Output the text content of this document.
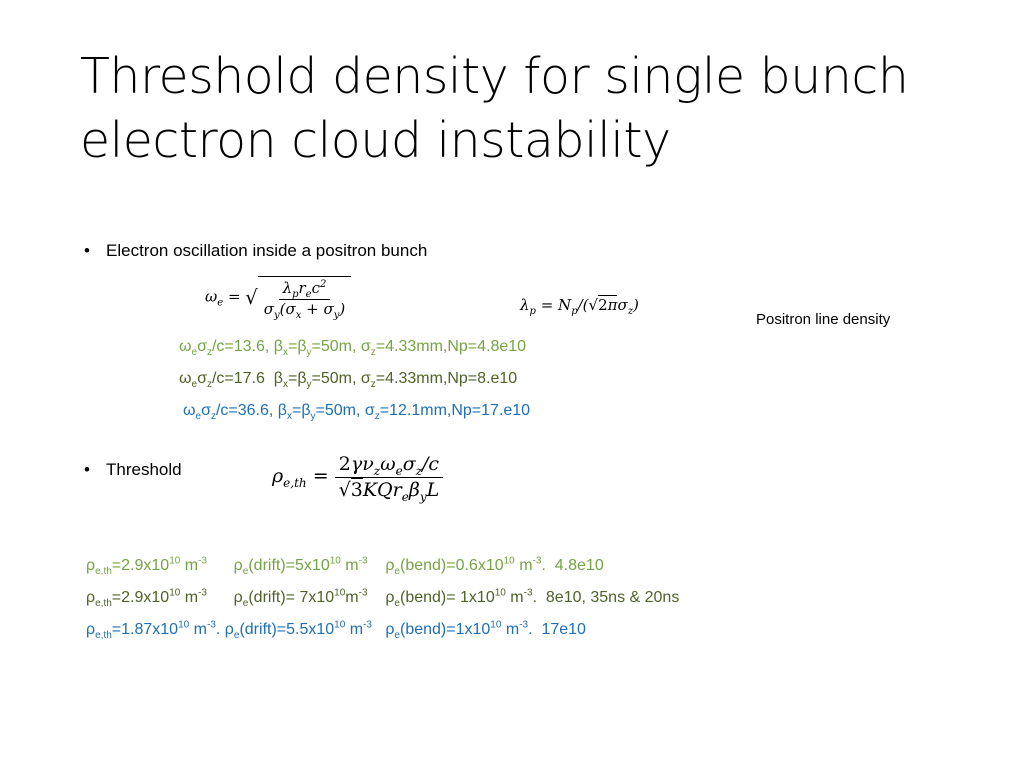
Threshold density for single bunch
electron cloud instability
• Electron oscillation inside a positron bunch
$\omega_e$ = √ $\frac{\lambda_pr_ec^2}{\sigma_y(\sigma_x + \sigma_y)}$	$\lambda_p = N_p/(√2\pi\sigma_z)$
Positron line density
$\omega_e\sigma_z/c=13.6$, $\beta_x=\beta_y=50m$, $\sigma_z=4.33mm,Np=4.8e10$
$\omega_e\sigma_z/c=17.6$  $\beta_x=\beta_y=50m$, $\sigma_z=4.33mm,Np=8.e10$
$\omega_e\sigma_z/c=36.6$, $\beta_x=\beta_y=50m$, $\sigma_z=12.1mm,Np=17.e10$
• Threshold	$\rho_{e,th} = \frac{2\gamma\nu_z\omega_e\sigma_z/c}{√3KQr_e\beta_yL}$
$\rho_{e,th}=2.9x10^{10}$ $m^{-3}$      $\rho_e(drift)=5x10^{10}$ $m^{-3}$    $\rho_e(bend)=0.6x10^{10}$ $m^{-3}$.  4.8e10
$\rho_{e,th}=2.9x10^{10}$ $m^{-3}$      $\rho_e(drift)= 7x10^{10}m^{-3}$    $\rho_e(bend)= 1x10^{10}$ $m^{-3}$.  8e10, 35ns & 20ns
$\rho_{e,th}=1.87x10^{10}$ $m^{-3}$. $\rho_e(drift)=5.5x10^{10}$ $m^{-3}$   $\rho_e(bend)=1x10^{10}$ $m^{-3}$.  17e10
